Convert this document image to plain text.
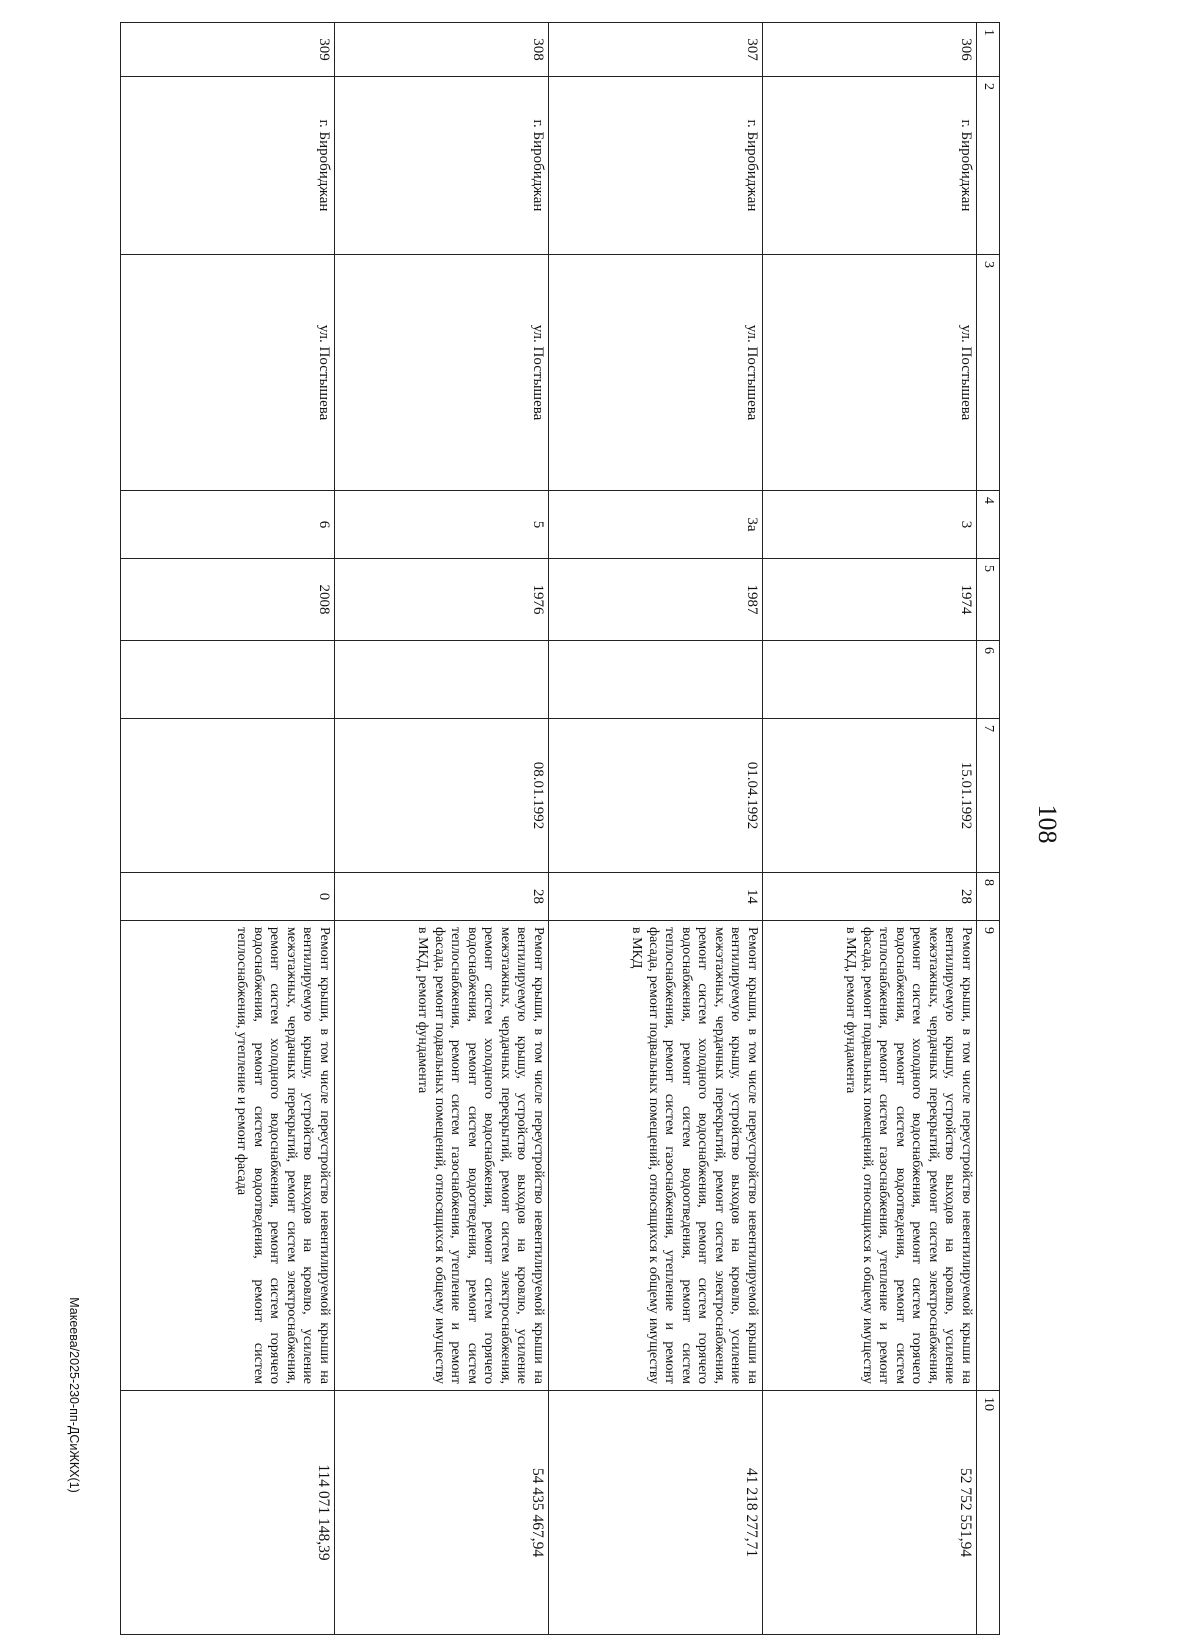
108
1	2	3	4	5	6	7	8	9	10
306	г. Биробиджан	ул. Постышева	3	1974		15.01.1992	28	Ремонт крыши, в том числе переустройство невентилируемой крыши на вентилируемую крышу, устройство выходов на кровлю, усиление межэтажных, чердачных перекрытий, ремонт систем электроснабжения, ремонт систем холодного водоснабжения, ремонт систем горячего водоснабжения, ремонт систем водоотведения, ремонт систем теплоснабжения, ремонт систем газоснабжения, утепление и ремонт фасада, ремонт подвальных помещений, относящихся к общему имуществу в МКД, ремонт фундамента	52 752 551,94
307	г. Биробиджан	ул. Постышева	3а	1987		01.04.1992	14	Ремонт крыши, в том числе переустройство невентилируемой крыши на вентилируемую крышу, устройство выходов на кровлю, усиление межэтажных, чердачных перекрытий, ремонт систем электроснабжения, ремонт систем холодного водоснабжения, ремонт систем горячего водоснабжения, ремонт систем водоотведения, ремонт систем теплоснабжения, ремонт систем газоснабжения, утепление и ремонт фасада, ремонт подвальных помещений, относящихся к общему имуществу в МКД	41 218 277,71
308	г. Биробиджан	ул. Постышева	5	1976		08.01.1992	28	Ремонт крыши, в том числе переустройство невентилируемой крыши на вентилируемую крышу, устройство выходов на кровлю, усиление межэтажных, чердачных перекрытий, ремонт систем электроснабжения, ремонт систем холодного водоснабжения, ремонт систем горячего водоснабжения, ремонт систем водоотведения, ремонт систем теплоснабжения, ремонт систем газоснабжения, утепление и ремонт фасада, ремонт подвальных помещений, относящихся к общему имуществу в МКД, ремонт фундамента	54 435 467,94
309	г. Биробиджан	ул. Постышева	6	2008			0	Ремонт крыши, в том числе переустройство невентилируемой крыши на вентилируемую крышу, устройство выходов на кровлю, усиление межэтажных, чердачных перекрытий, ремонт систем электроснабжения, ремонт систем холодного водоснабжения, ремонт систем горячего водоснабжения, ремонт систем водоотведения, ремонт систем теплоснабжения, утепление и ремонт фасада	114 071 148,39
Макеева/2025-230-пп-ДСиЖКХ(1)
